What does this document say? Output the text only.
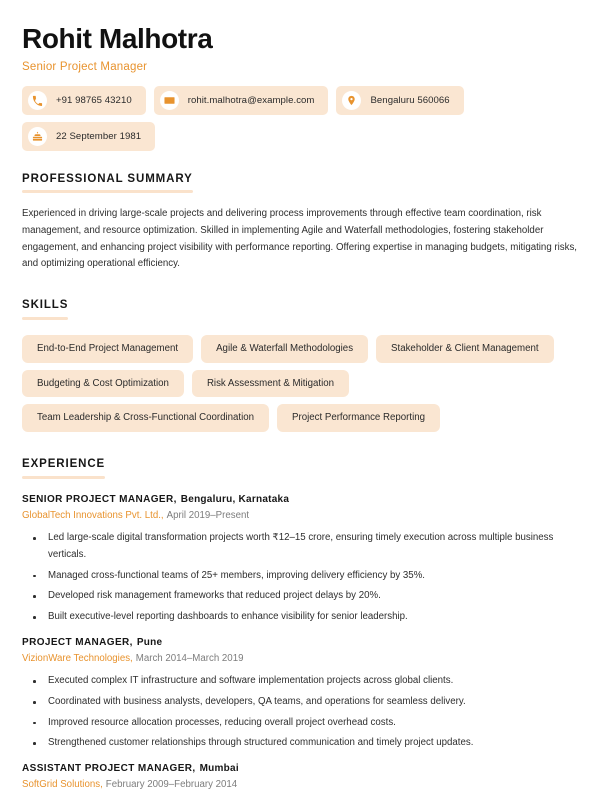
Rohit Malhotra
Senior Project Manager
+91 98765 43210	rohit.malhotra@example.com	Bengaluru 560066
22 September 1981
PROFESSIONAL SUMMARY

Experienced in driving large-scale projects and delivering process improvements through effective team coordination, risk management, and resource optimization. Skilled in implementing Agile and Waterfall methodologies, fostering stakeholder engagement, and enhancing project visibility with performance reporting. Offering expertise in managing budgets, mitigating risks, and optimizing operational efficiency.

SKILLS
End-to-End Project Management	Agile & Waterfall Methodologies	Stakeholder & Client Management
Budgeting & Cost Optimization	Risk Assessment & Mitigation
Team Leadership & Cross-Functional Coordination	Project Performance Reporting
EXPERIENCE
SENIOR PROJECT MANAGER, Bengaluru, Karnataka
GlobalTech Innovations Pvt. Ltd., April 2019–Present
Led large-scale digital transformation projects worth ₹12–15 crore, ensuring timely execution across multiple business verticals.
Managed cross-functional teams of 25+ members, improving delivery efficiency by 35%.
Developed risk management frameworks that reduced project delays by 20%.
Built executive-level reporting dashboards to enhance visibility for senior leadership.
PROJECT MANAGER, Pune
VizionWare Technologies, March 2014–March 2019
Executed complex IT infrastructure and software implementation projects across global clients.
Coordinated with business analysts, developers, QA teams, and operations for seamless delivery.
Improved resource allocation processes, reducing overall project overhead costs.
Strengthened customer relationships through structured communication and timely project updates.
ASSISTANT PROJECT MANAGER, Mumbai
SoftGrid Solutions, February 2009–February 2014
